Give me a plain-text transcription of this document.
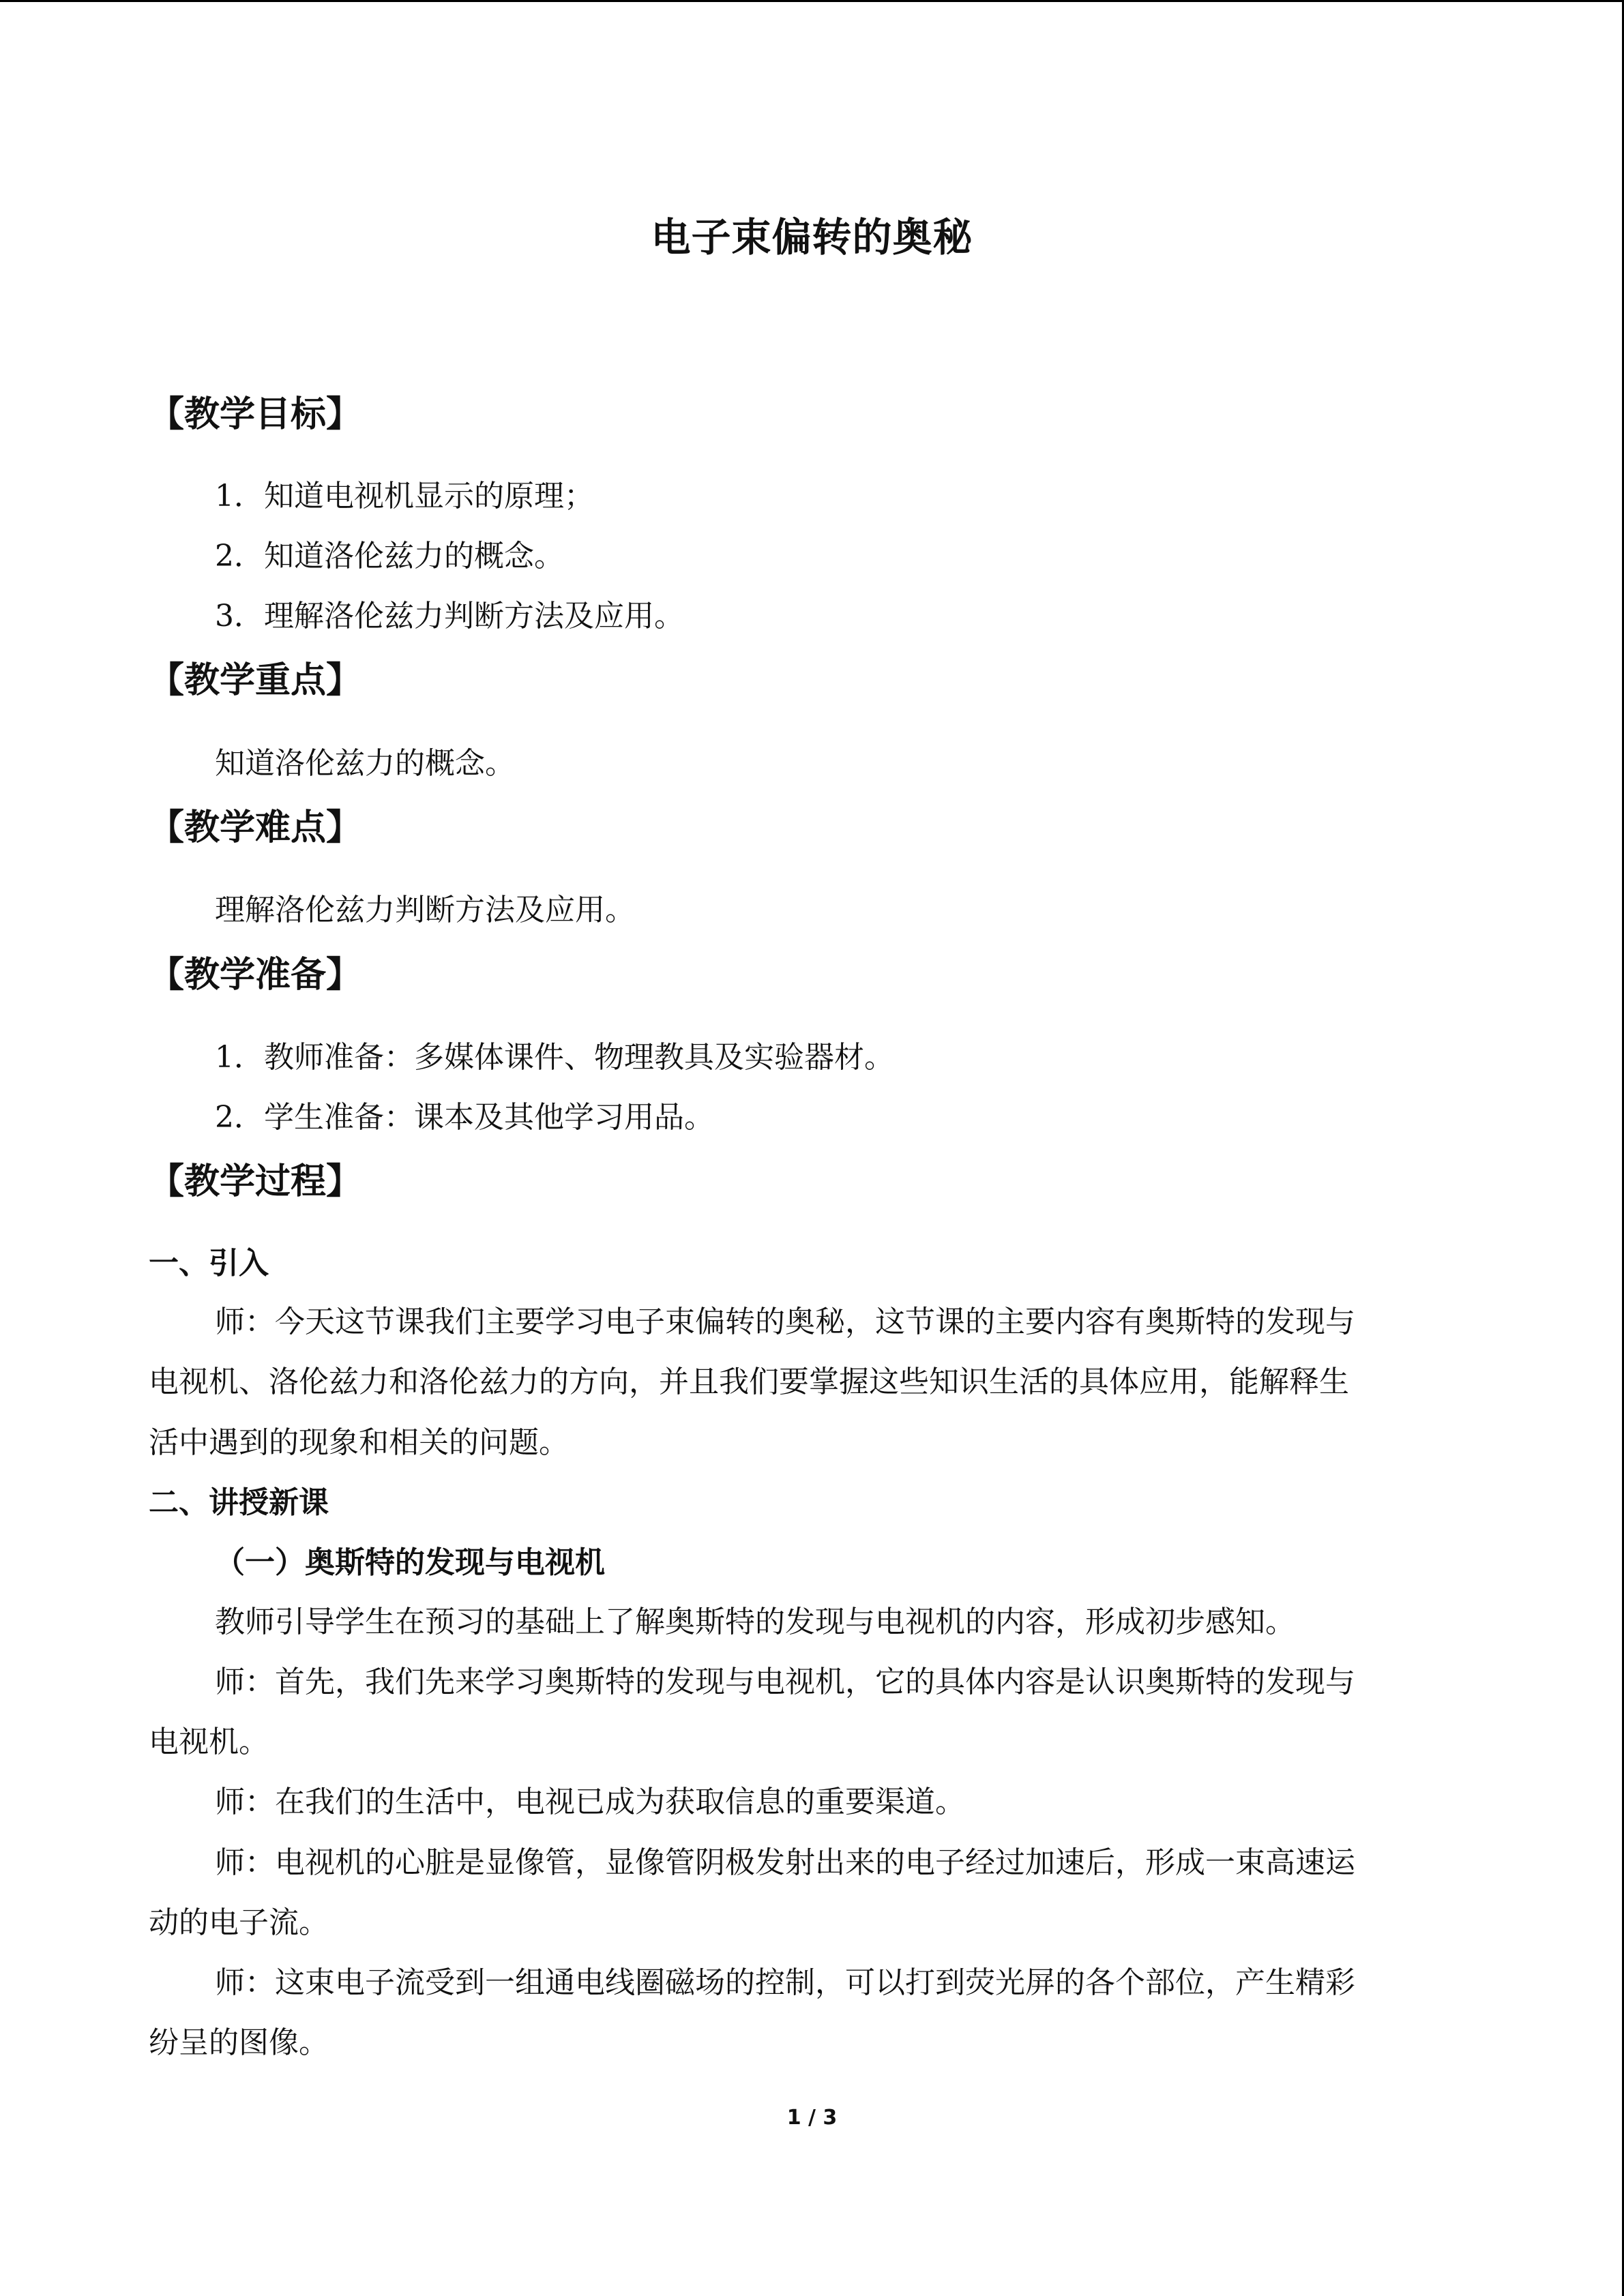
电子束偏转的奥秘
【教学目标】
1．知道电视机显示的原理；
2．知道洛伦兹力的概念。
3．理解洛伦兹力判断方法及应用。
【教学重点】
知道洛伦兹力的概念。
【教学难点】
理解洛伦兹力判断方法及应用。
【教学准备】
1．教师准备：多媒体课件、物理教具及实验器材。
2．学生准备：课本及其他学习用品。
【教学过程】
一、引入
师：今天这节课我们主要学习电子束偏转的奥秘，这节课的主要内容有奥斯特的发现与
电视机、洛伦兹力和洛伦兹力的方向，并且我们要掌握这些知识生活的具体应用，能解释生
活中遇到的现象和相关的问题。
二、讲授新课
（一）奥斯特的发现与电视机
教师引导学生在预习的基础上了解奥斯特的发现与电视机的内容，形成初步感知。
师：首先，我们先来学习奥斯特的发现与电视机，它的具体内容是认识奥斯特的发现与
电视机。
师：在我们的生活中，电视已成为获取信息的重要渠道。
师：电视机的心脏是显像管，显像管阴极发射出来的电子经过加速后，形成一束高速运
动的电子流。
师：这束电子流受到一组通电线圈磁场的控制，可以打到荧光屏的各个部位，产生精彩
纷呈的图像。
1 / 3
